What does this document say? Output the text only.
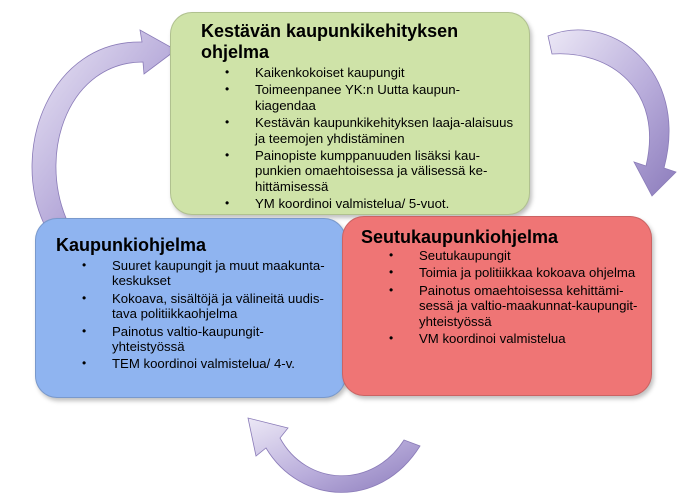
Kestävän kaupunkikehityksen ohjelma
• Kaikenkokoiset kaupungit
• Toimeenpanee YK:n Uutta kaupun-kiagendaa
• Kestävän kaupunkikehityksen laaja-alaisuus ja teemojen yhdistäminen
• Painopiste kumppanuuden lisäksi kau-punkien omaehtoisessa ja välisessä ke-hittämisessä
• YM koordinoi valmistelua/ 5-vuot.
Kaupunkiohjelma
• Suuret kaupungit ja muut maakunta-keskukset
• Kokoava, sisältöjä ja välineitä uudis-tava politiikkaohjelma
• Painotus valtio-kaupungit-yhteistyössä
• TEM koordinoi valmistelua/ 4-v.
Seutukaupunkiohjelma
• Seutukaupungit
• Toimia ja politiikkaa kokoava ohjelma
• Painotus omaehtoisessa kehittämi-sessä ja valtio-maakunnat-kaupungit-yhteistyössä
• VM koordinoi valmistelua
